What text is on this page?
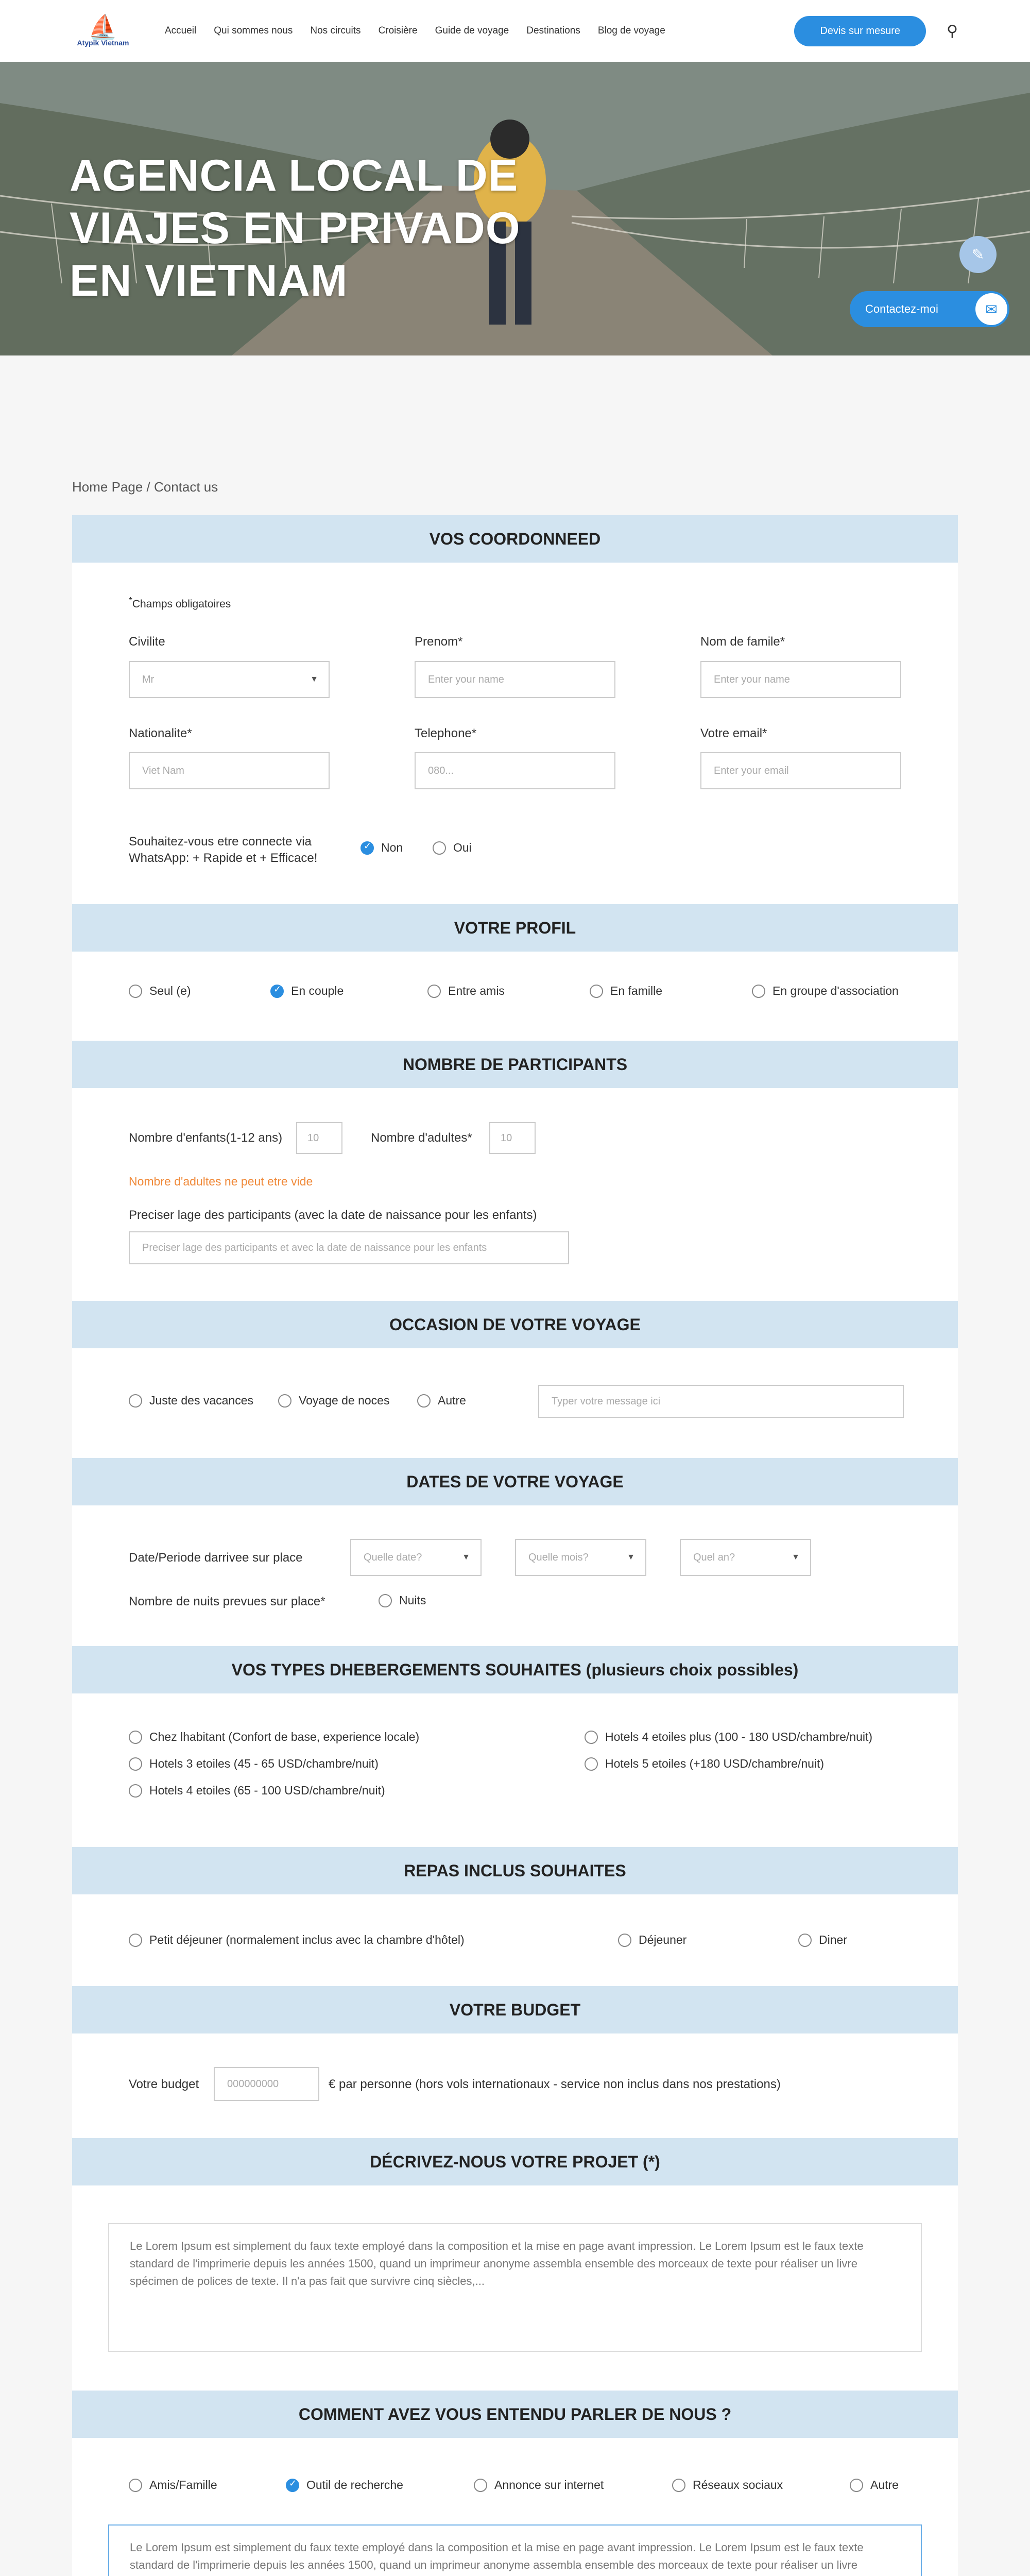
⛵
Atypik Vietnam
Accueil Qui sommes nous Nos circuits Croisière Guide de voyage Destinations Blog de voyage	Devis sur mesure	⚲
AGENCIA LOCAL DE VIAJES EN PRIVADO EN VIETNAM
✎
Contactez-moi	✉
Home Page / Contact us
VOS COORDONNEED
*Champs obligatoires
Civilite
Mr	▼
Prenom*
Enter your name
Nom de famile*
Enter your name
Nationalite*
Viet Nam
Telephone*
080...
Votre email*
Enter your email
Souhaitez-vous etre connecte via WhatsApp: + Rapide et + Efficace!
✓
Non	Oui
VOTRE PROFIL
Seul (e) ✓	En couple	Entre amis	En famille	En groupe d'association
NOMBRE DE PARTICIPANTS
Nombre d'enfants(1-12 ans)	10	Nombre d'adultes*	10
Nombre d'adultes ne peut etre vide
Preciser lage des participants (avec la date de naissance pour les enfants)
Preciser lage des participants et avec la date de naissance pour les enfants
OCCASION DE VOTRE VOYAGE
Juste des vacances	Voyage de noces	Autre	Typer votre message ici
DATES DE VOTRE VOYAGE
Date/Periode darrivee sur place	Quelle date?	▼	Quelle mois?	▼	Quel an?	▼
Nombre de nuits prevues sur place*	Nuits
VOS TYPES DHEBERGEMENTS SOUHAITES (plusieurs choix possibles)
Chez lhabitant (Confort de base, experience locale)	Hotels 4 etoiles plus (100 - 180 USD/chambre/nuit)
Hotels 3 etoiles (45 - 65 USD/chambre/nuit)	Hotels 5 etoiles (+180 USD/chambre/nuit)
Hotels 4 etoiles (65 - 100 USD/chambre/nuit)
REPAS INCLUS SOUHAITES
Petit déjeuner (normalement inclus avec la chambre d'hôtel)	Déjeuner	Diner
VOTRE BUDGET
Votre budget	000000000	€ par personne (hors vols internationaux - service non inclus dans nos prestations)
DÉCRIVEZ-NOUS VOTRE PROJET (*)
Le Lorem Ipsum est simplement du faux texte employé dans la composition et la mise en page avant impression. Le Lorem Ipsum est le faux texte standard de l'imprimerie depuis les années 1500, quand un imprimeur anonyme assembla ensemble des morceaux de texte pour réaliser un livre spécimen de polices de texte. Il n'a pas fait que survivre cinq siècles,...
COMMENT AVEZ VOUS ENTENDU PARLER DE NOUS ?
Amis/Famille ✓	Outil de recherche	Annonce sur internet	Réseaux sociaux	Autre
Le Lorem Ipsum est simplement du faux texte employé dans la composition et la mise en page avant impression. Le Lorem Ipsum est le faux texte standard de l'imprimerie depuis les années 1500, quand un imprimeur anonyme assembla ensemble des morceaux de texte pour réaliser un livre
